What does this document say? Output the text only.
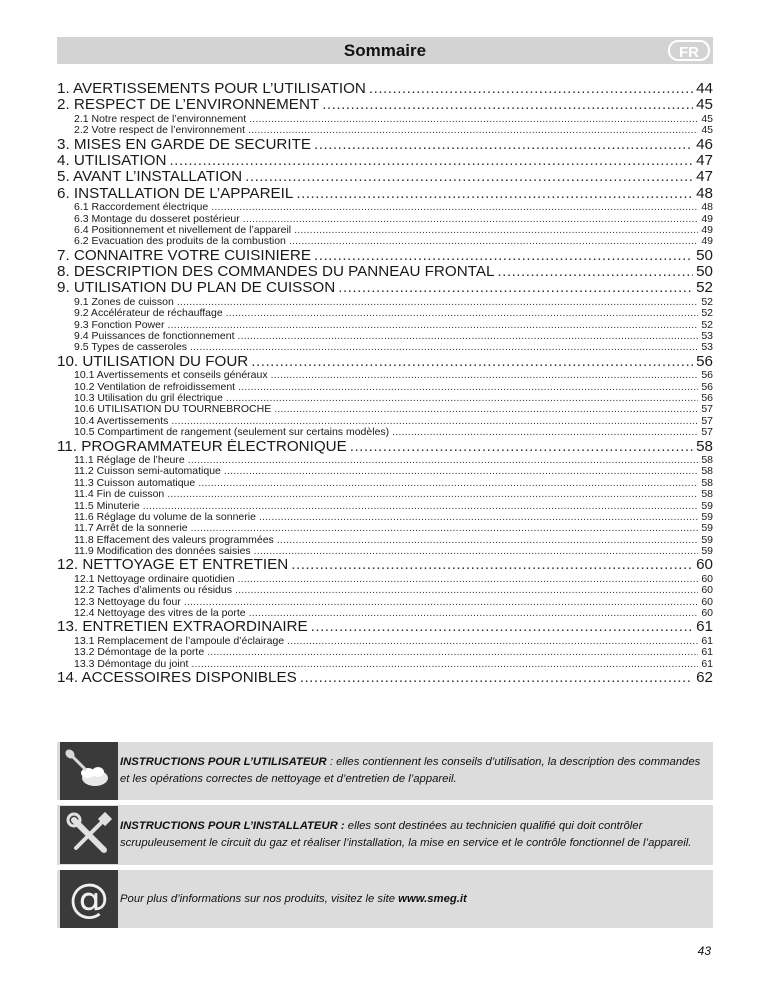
Sommaire	FR
1. AVERTISSEMENTS POUR L’UTILISATION .....	44
2. RESPECT DE L’ENVIRONNEMENT .....	45
2.1 Notre respect de l’environnement .....	45
2.2 Votre respect de l’environnement .....	45
3. MISES EN GARDE DE SECURITE .....	46
4. UTILISATION .....	47
5. AVANT L’INSTALLATION .....	47
6. INSTALLATION DE L’APPAREIL .....	48
6.1 Raccordement électrique .....	48
6.3 Montage du dosseret postérieur .....	49
6.4 Positionnement et nivellement de l’appareil .....	49
6.2 Évacuation des produits de la combustion .....	49
7. CONNAITRE VOTRE CUISINIERE .....	50
8. DESCRIPTION DES COMMANDES DU PANNEAU FRONTAL .....	50
9. UTILISATION DU PLAN DE CUISSON .....	52
9.1 Zones de cuisson .....	52
9.2 Accélérateur de réchauffage .....	52
9.3 Fonction Power .....	52
9.4 Puissances de fonctionnement .....	53
9.5 Types de casseroles .....	53
10. UTILISATION DU FOUR .....	56
10.1 Avertissements et conseils généraux .....	56
10.2 Ventilation de refroidissement .....	56
10.3 Utilisation du gril électrique .....	56
10.6 UTILISATION DU TOURNEBROCHE .....	57
10.4 Avertissements .....	57
10.5 Compartiment de rangement (seulement sur certains modèles) .....	57
11. PROGRAMMATEUR ÉLECTRONIQUE .....	58
11.1 Réglage de l’heure .....	58
11.2 Cuisson semi-automatique .....	58
11.3 Cuisson automatique .....	58
11.4 Fin de cuisson .....	58
11.5 Minuterie .....	59
11.6 Réglage du volume de la sonnerie .....	59
11.7 Arrêt de la sonnerie .....	59
11.8 Effacement des valeurs programmées .....	59
11.9 Modification des données saisies .....	59
12. NETTOYAGE ET ENTRETIEN .....	60
12.1 Nettoyage ordinaire quotidien .....	60
12.2 Taches d’aliments ou résidus .....	60
12.3 Nettoyage du four .....	60
12.4 Nettoyage des vitres de la porte .....	60
13. ENTRETIEN EXTRAORDINAIRE .....	61
13.1 Remplacement de l’ampoule d’éclairage .....	61
13.2 Démontage de la porte .....	61
13.3 Démontage du joint .....	61
14. ACCESSOIRES DISPONIBLES .....	62
INSTRUCTIONS POUR L’UTILISATEUR : elles contiennent les conseils d’utilisation, la description des commandes et les opérations correctes de nettoyage et d’entretien de l’appareil.
INSTRUCTIONS POUR L’INSTALLATEUR : elles sont destinées au technicien qualifié qui doit contrôler scrupuleusement le circuit du gaz et réaliser l’installation, la mise en service et le contrôle fonctionnel de l’appareil.
@ Pour plus d’informations sur nos produits, visitez le site www.smeg.it
43
